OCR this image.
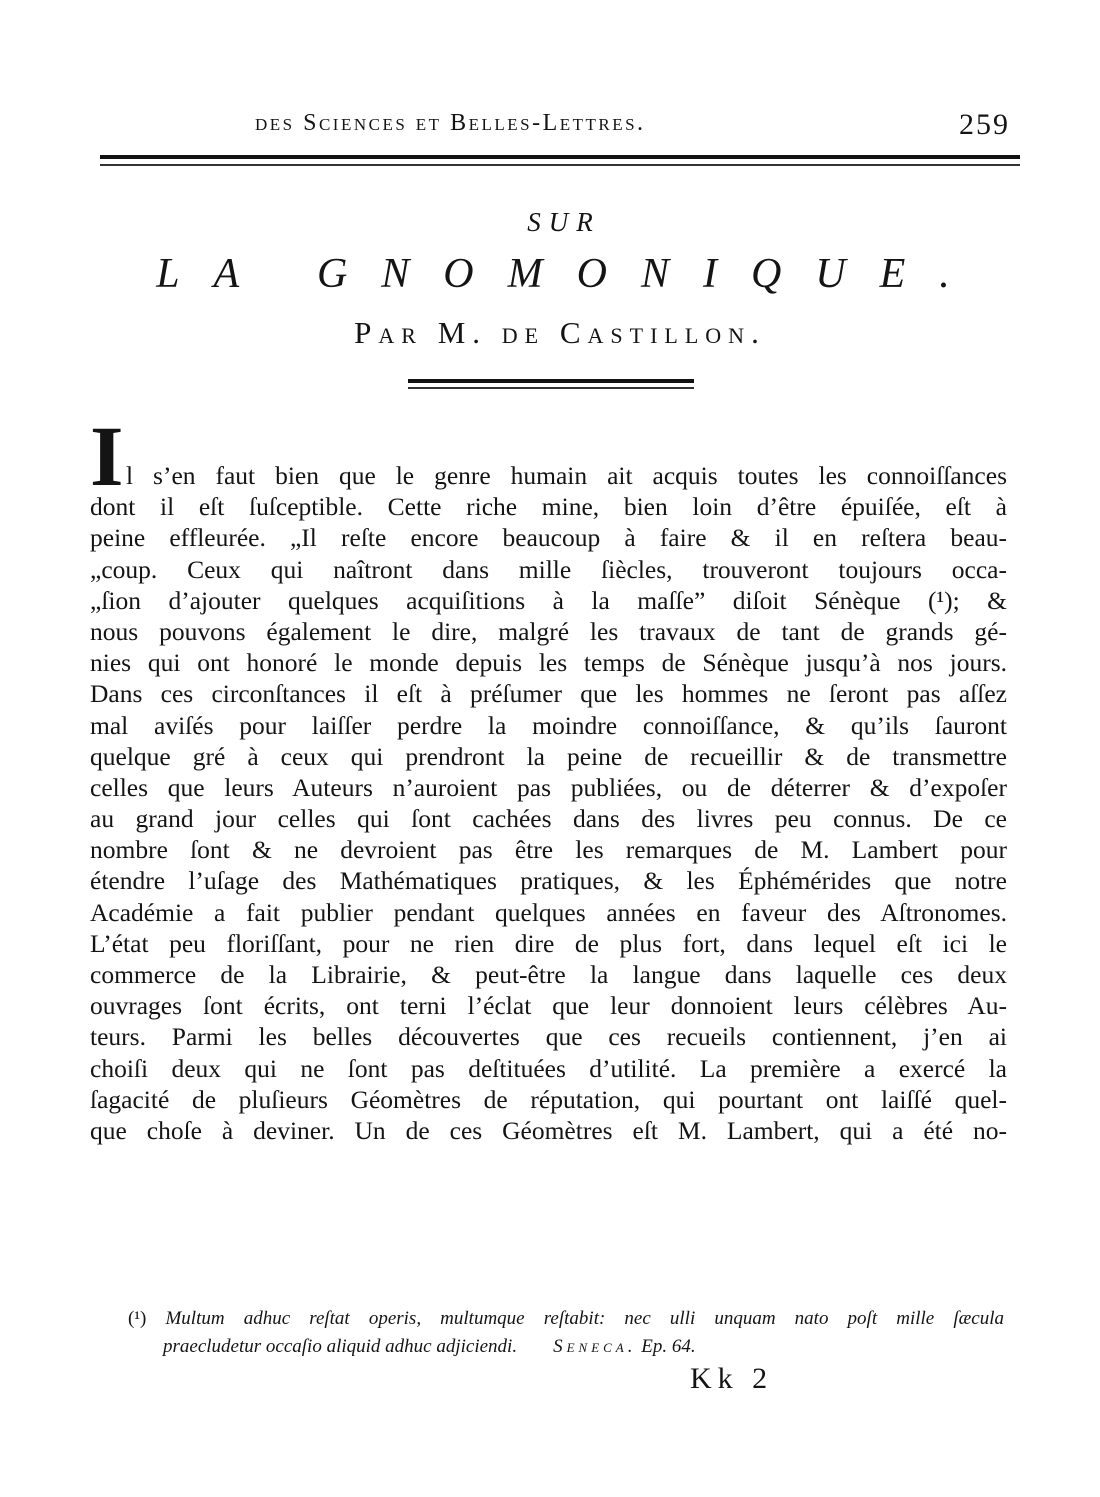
des Sciences et Belles-Lettres.	259
SUR
LA GNOMONIQUE.
Par M. de Castillon.
I l s’en faut bien que le genre humain ait acquis toutes les connoiſſances
dont il eſt ſuſceptible. Cette riche mine, bien loin d’être épuiſée, eſt à
peine effleurée. „Il reſte encore beaucoup à faire & il en reſtera beau-
„coup. Ceux qui naîtront dans mille ſiècles, trouveront toujours occa-
„ſion d’ajouter quelques acquiſitions à la maſſe” diſoit Sénèque (¹); &
nous pouvons également le dire, malgré les travaux de tant de grands gé-
nies qui ont honoré le monde depuis les temps de Sénèque jusqu’à nos jours.
Dans ces circonſtances il eſt à préſumer que les hommes ne ſeront pas aſſez
mal aviſés pour laiſſer perdre la moindre connoiſſance, & qu’ils ſauront
quelque gré à ceux qui prendront la peine de recueillir & de transmettre
celles que leurs Auteurs n’auroient pas publiées, ou de déterrer & d’expoſer
au grand jour celles qui ſont cachées dans des livres peu connus. De ce
nombre ſont & ne devroient pas être les remarques de M. Lambert pour
étendre l’uſage des Mathématiques pratiques, & les Éphémérides que notre
Académie a fait publier pendant quelques années en faveur des Aſtronomes.
L’état peu floriſſant, pour ne rien dire de plus fort, dans lequel eſt ici le
commerce de la Librairie, & peut-être la langue dans laquelle ces deux
ouvrages ſont écrits, ont terni l’éclat que leur donnoient leurs célèbres Au-
teurs. Parmi les belles découvertes que ces recueils contiennent, j’en ai
choiſi deux qui ne ſont pas deſtituées d’utilité. La première a exercé la
ſagacité de pluſieurs Géomètres de réputation, qui pourtant ont laiſſé quel-
que choſe à deviner. Un de ces Géomètres eſt M. Lambert, qui a été no-
(¹) Multum adhuc reſtat operis, multumque reſtabit: nec ulli unquam nato poſt mille ſæcula
praecludetur occaſio aliquid adhuc adjiciendi. Seneca. Ep. 64.
Kk 2
